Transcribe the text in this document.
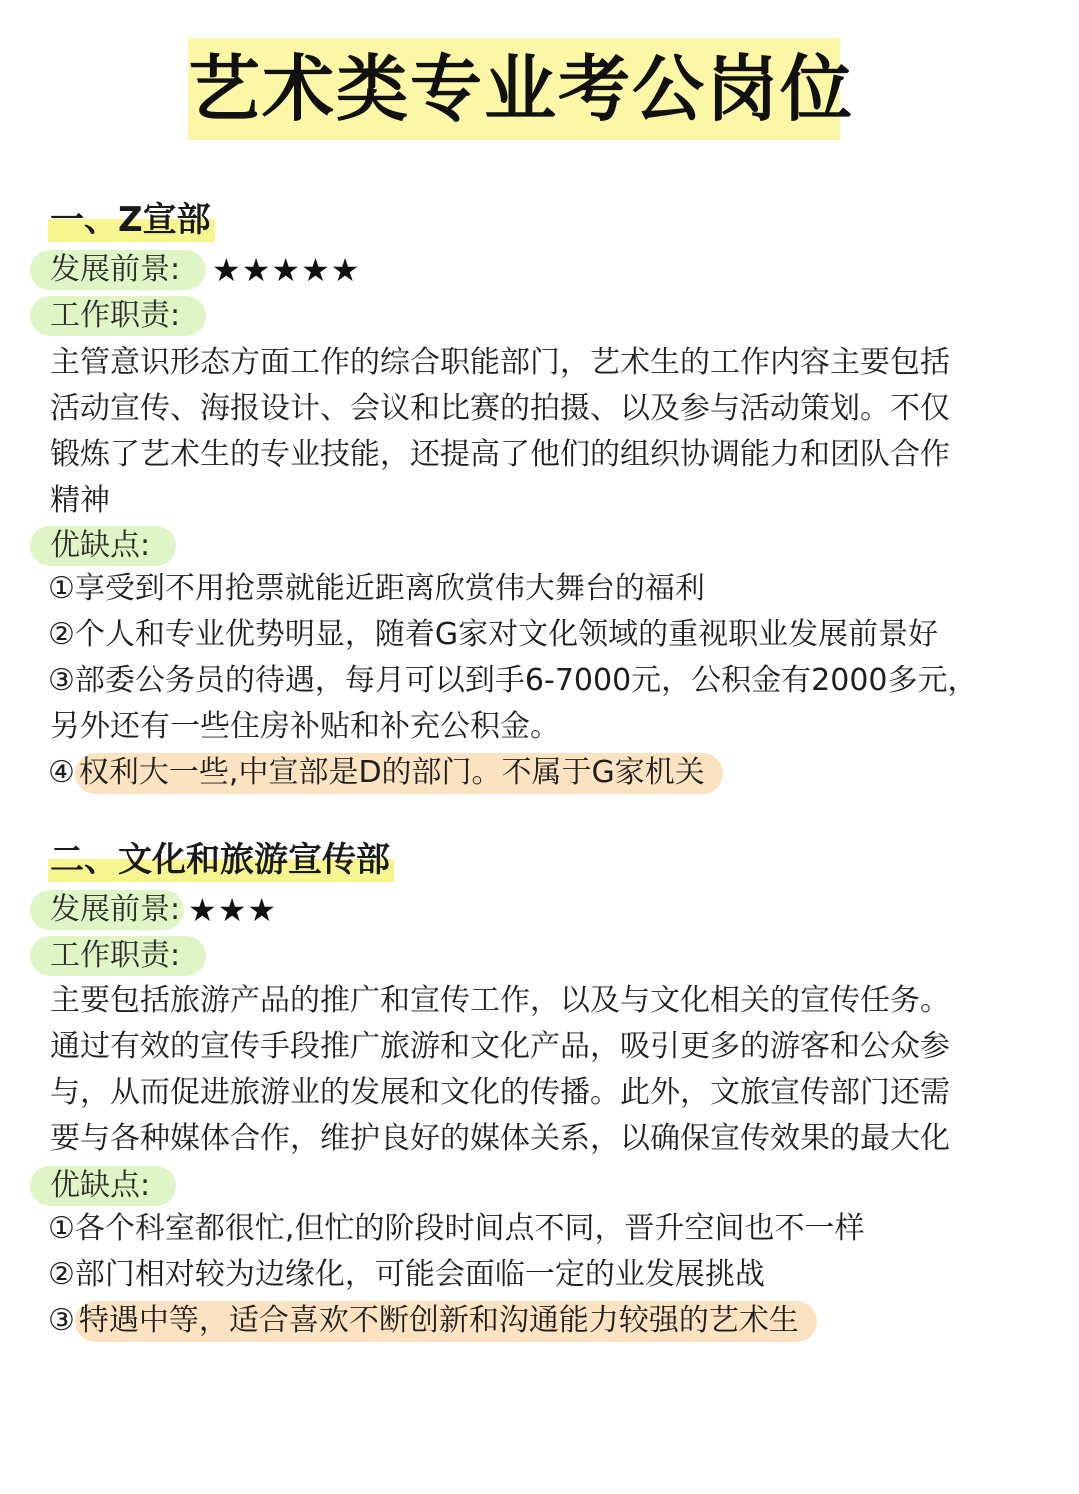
艺术类专业考公岗位
一、Z宣部
发展前景: ★★★★★
工作职责:
主管意识形态方面工作的综合职能部门，艺术生的工作内容主要包括
活动宣传、海报设计、会议和比赛的拍摄、以及参与活动策划。不仅
锻炼了艺术生的专业技能，还提高了他们的组织协调能力和团队合作
精神
优缺点:
①享受到不用抢票就能近距离欣赏伟大舞台的福利
②个人和专业优势明显，随着G家对文化领域的重视职业发展前景好
③部委公务员的待遇，每月可以到手6-7000元，公积金有2000多元，
另外还有一些住房补贴和补充公积金。
④ 权利大一些,中宣部是D的部门。不属于G家机关
二、文化和旅游宣传部
发展前景: ★★★
工作职责:
主要包括旅游产品的推广和宣传工作，以及与文化相关的宣传任务。
通过有效的宣传手段推广旅游和文化产品，吸引更多的游客和公众参
与，从而促进旅游业的发展和文化的传播。此外，文旅宣传部门还需
要与各种媒体合作，维护良好的媒体关系，以确保宣传效果的最大化
优缺点:
①各个科室都很忙,但忙的阶段时间点不同，晋升空间也不一样
②部门相对较为边缘化，可能会面临一定的业发展挑战
③ 特遇中等，适合喜欢不断创新和沟通能力较强的艺术生
